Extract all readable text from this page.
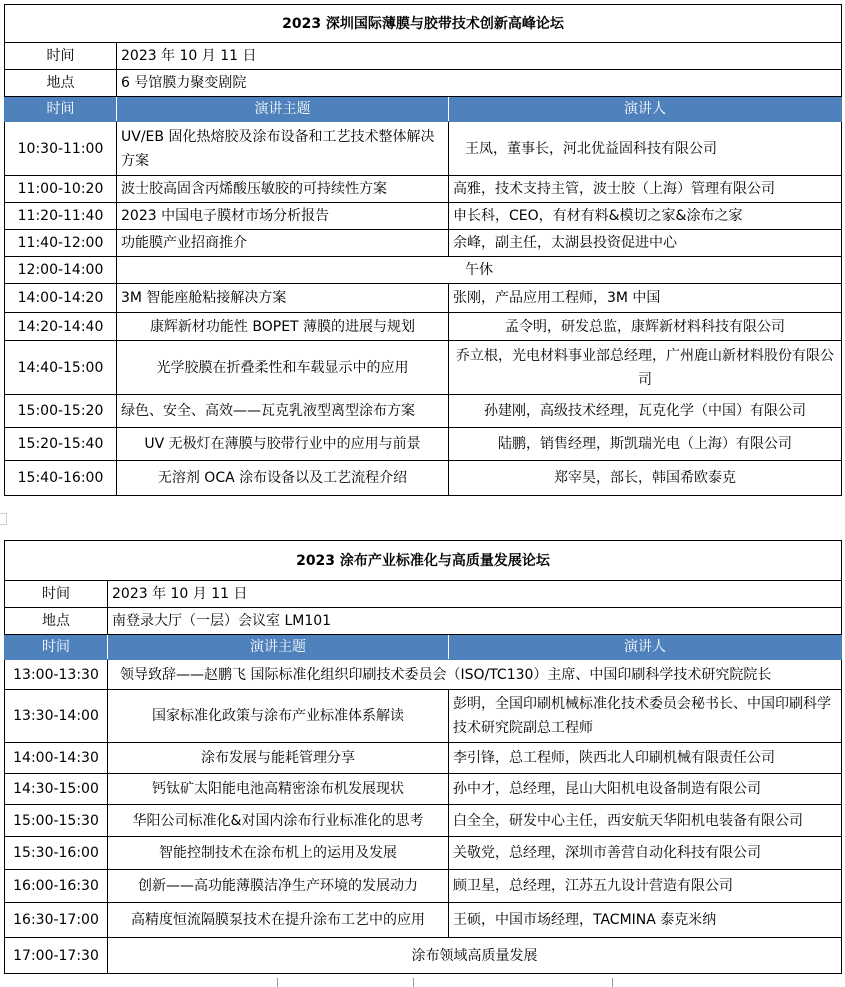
2023 深圳国际薄膜与胶带技术创新高峰论坛		
时间	2023 年 10 月 11 日	
地点	6 号馆膜力聚变剧院	
时间	演讲主题	演讲人
10:30-11:00	UV/EB 固化热熔胶及涂布设备和工艺技术整体解决方案	王凤，董事长，河北优益固科技有限公司
11:00-10:20	波士胶高固含丙烯酸压敏胶的可持续性方案	高雅，技术支持主管，波士胶（上海）管理有限公司
11:20-11:40	2023 中国电子膜材市场分析报告	申长科，CEO，有材有料&模切之家&涂布之家
11:40-12:00	功能膜产业招商推介	余峰，副主任，太湖县投资促进中心
12:00-14:00	午休	
14:00-14:20	3M 智能座舱粘接解决方案	张刚，产品应用工程师，3M 中国
14:20-14:40	康辉新材功能性 BOPET 薄膜的进展与规划	孟令明，研发总监，康辉新材料科技有限公司
14:40-15:00	光学胶膜在折叠柔性和车载显示中的应用	乔立根，光电材料事业部总经理，广州鹿山新材料股份有限公司
15:00-15:20	绿色、安全、高效——瓦克乳液型离型涂布方案	孙建刚，高级技术经理，瓦克化学（中国）有限公司
15:20-15:40	UV 无极灯在薄膜与胶带行业中的应用与前景	陆鹏，销售经理，斯凯瑞光电（上海）有限公司
15:40-16:00	无溶剂 OCA 涂布设备以及工艺流程介绍	郑宰昊，部长，韩国希欧泰克
2023 涂布产业标准化与高质量发展论坛		
时间	2023 年 10 月 11 日	
地点	南登录大厅（一层）会议室 LM101	
时间	演讲主题	演讲人
13:00-13:30	领导致辞——赵鹏飞 国际标准化组织印刷技术委员会（ISO/TC130）主席、中国印刷科学技术研究院院长	
13:30-14:00	国家标准化政策与涂布产业标准体系解读	彭明，全国印刷机械标准化技术委员会秘书长、中国印刷科学技术研究院副总工程师
14:00-14:30	涂布发展与能耗管理分享	李引锋，总工程师，陕西北人印刷机械有限责任公司
14:30-15:00	钙钛矿太阳能电池高精密涂布机发展现状	孙中才，总经理，昆山大阳机电设备制造有限公司
15:00-15:30	华阳公司标准化&对国内涂布行业标准化的思考	白全全，研发中心主任，西安航天华阳机电装备有限公司
15:30-16:00	智能控制技术在涂布机上的运用及发展	关敬党，总经理，深圳市善营自动化科技有限公司
16:00-16:30	创新——高功能薄膜洁净生产环境的发展动力	顾卫星，总经理，江苏五九设计营造有限公司
16:30-17:00	高精度恒流隔膜泵技术在提升涂布工艺中的应用	王硕，中国市场经理，TACMINA 泰克米纳
17:00-17:30	涂布领域高质量发展	
